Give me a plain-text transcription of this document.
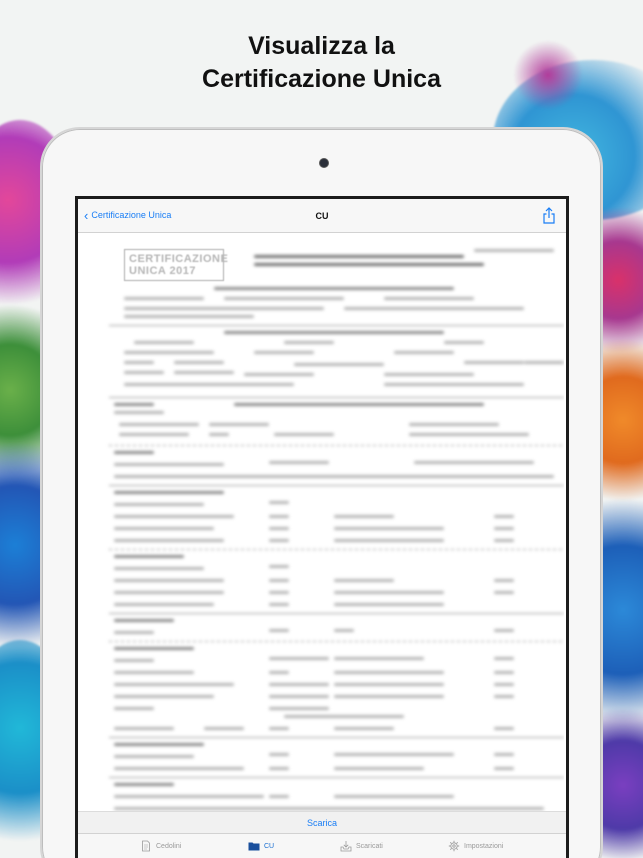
Visualizza la
Certificazione Unica
‹ Certificazione Unica	CU
CERTIFICAZIONE
UNICA 2017
Scarica
Cedolini	CU	Scaricati	Impostazioni
